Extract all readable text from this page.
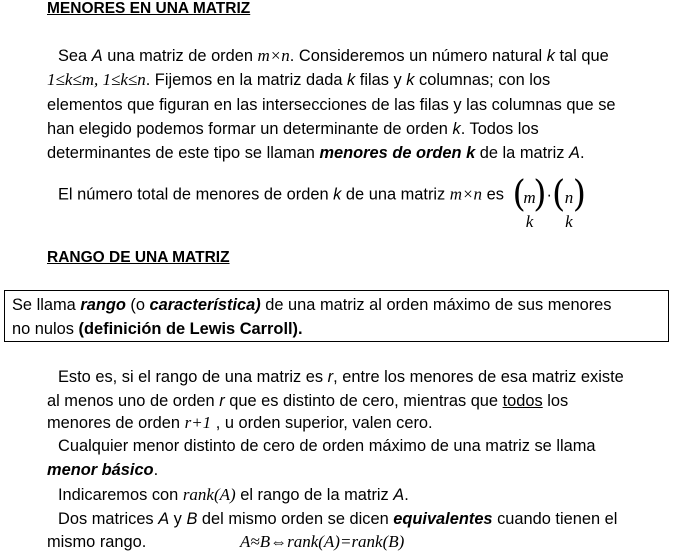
MENORES EN UNA MATRIZ
Sea A una matriz de orden m×n. Consideremos un número natural k tal que
1≤k≤m, 1≤k≤n. Fijemos en la matriz dada k filas y k columnas; con los
elementos que figuran en las intersecciones de las filas y las columnas que se
han elegido podemos formar un determinante de orden k. Todos los
determinantes de este tipo se llaman menores de orden k de la matriz A.
El número total de menores de orden k de una matriz m×n es (
m
k
) · ( n
k
)
RANGO DE UNA MATRIZ
Se llama rango (o característica) de una matriz al orden máximo de sus menores
no nulos (definición de Lewis Carroll).
Esto es, si el rango de una matriz es r, entre los menores de esa matriz existe
al menos uno de orden r que es distinto de cero, mientras que todos los
menores de orden r+1 , u orden superior, valen cero.
Cualquier menor distinto de cero de orden máximo de una matriz se llama
menor básico.
Indicaremos con rank(A) el rango de la matriz A.
Dos matrices A y B del mismo orden se dicen equivalentes cuando tienen el
mismo rango.	A≈B⇔rank(A)=rank(B)
